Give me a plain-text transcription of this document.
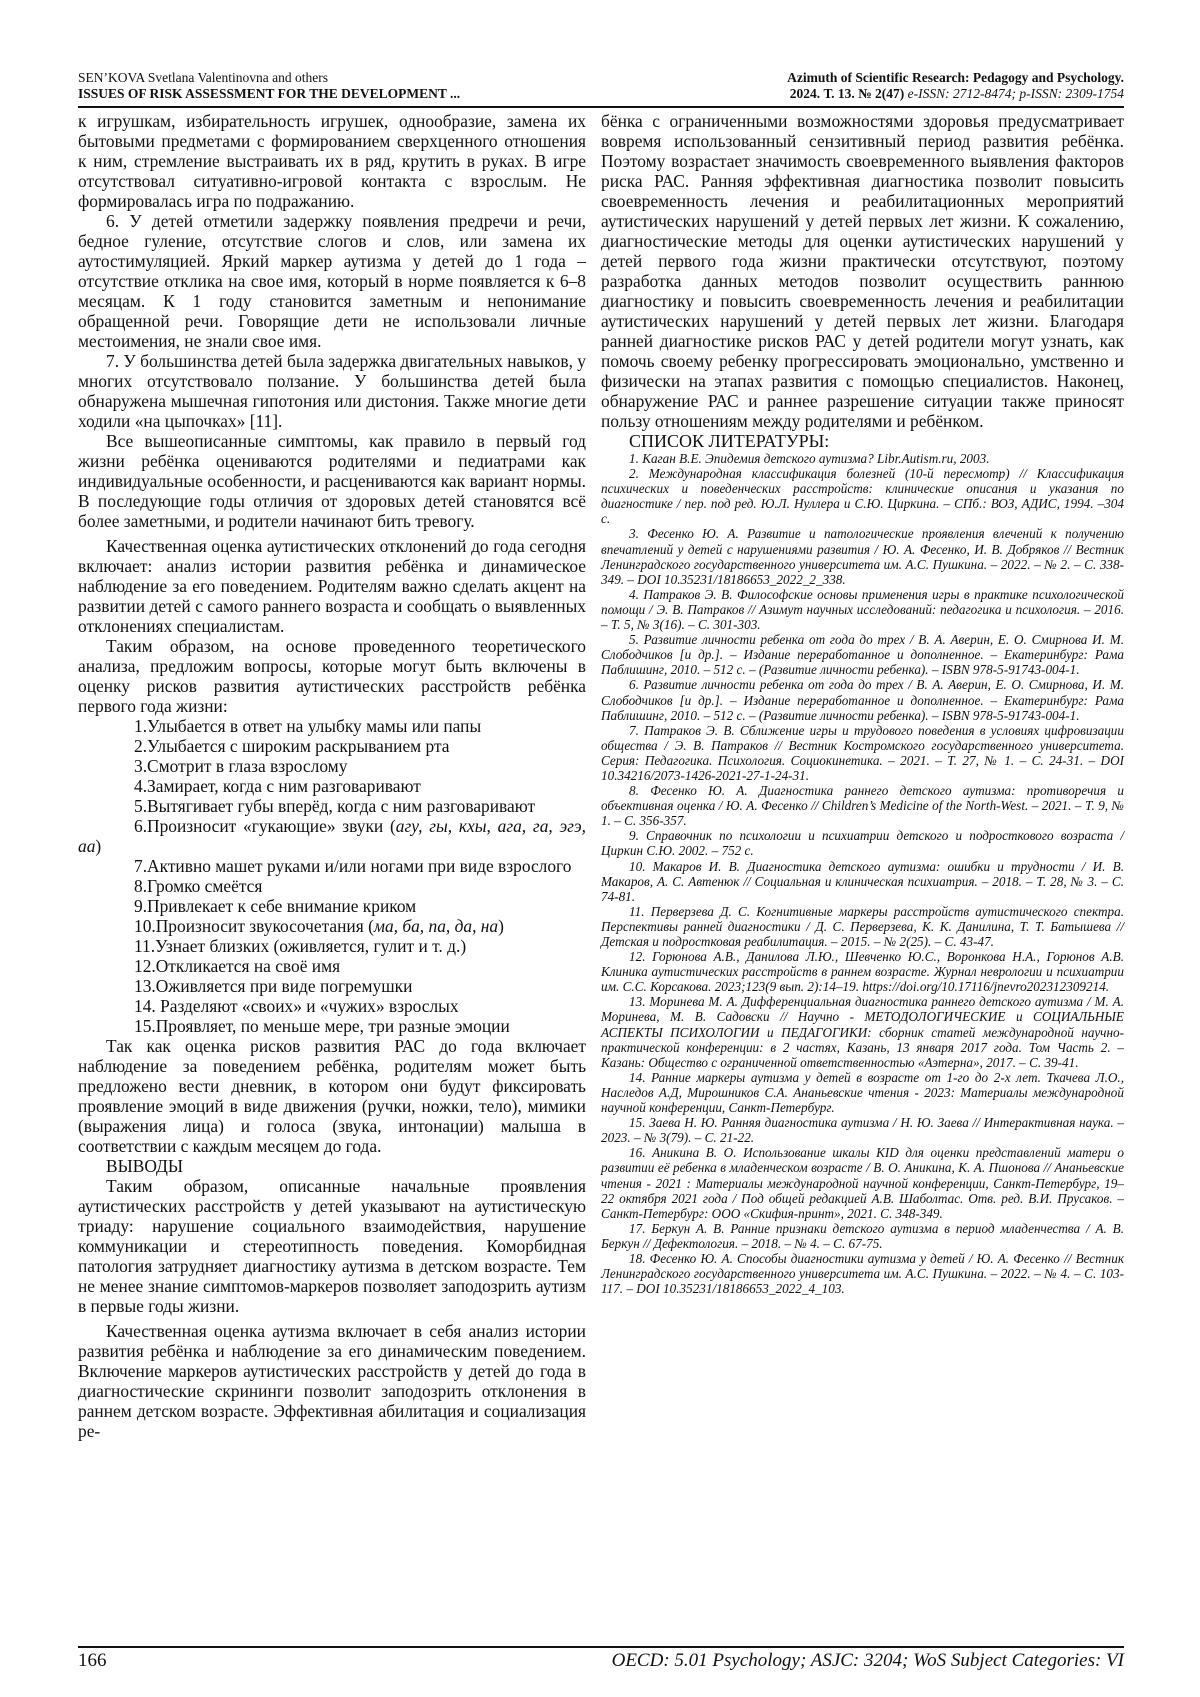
SEN’KOVA Svetlana Valentinovna and others
ISSUES OF RISK ASSESSMENT FOR THE DEVELOPMENT ...
Azimuth of Scientific Research: Pedagogy and Psychology.
2024. Т. 13. № 2(47) e-ISSN: 2712-8474; p-ISSN: 2309-1754

к игрушкам, избирательность игрушек, однообразие, замена их бытовыми предметами с формированием сверхценного отношения к ним, стремление выстраивать их в ряд, крутить в руках. В игре отсутствовал ситуативно-игровой контакта с взрослым. Не формировалась игра по подражанию.

6. У детей отметили задержку появления предречи и речи, бедное гуление, отсутствие слогов и слов, или замена их аутостимуляцией. Яркий маркер аутизма у детей до 1 года – отсутствие отклика на свое имя, который в норме появляется к 6–8 месяцам. К 1 году становится заметным и непонимание обращенной речи. Говорящие дети не использовали личные местоимения, не знали свое имя.

7. У большинства детей была задержка двигательных навыков, у многих отсутствовало ползание. У большинства детей была обнаружена мышечная гипотония или дистония. Также многие дети ходили «на цыпочках» [11].

Все вышеописанные симптомы, как правило в первый год жизни ребёнка оцениваются родителями и педиатрами как индивидуальные особенности, и расцениваются как вариант нормы. В последующие годы отличия от здоровых детей становятся всё более заметными, и родители начинают бить тревогу.

Качественная оценка аутистических отклонений до года сегодня включает: анализ истории развития ребёнка и динамическое наблюдение за его поведением. Родителям важно сделать акцент на развитии детей с самого раннего возраста и сообщать о выявленных отклонениях специалистам.

Таким образом, на основе проведенного теоретического анализа, предложим вопросы, которые могут быть включены в оценку рисков развития аутистических расстройств ребёнка первого года жизни:

1.Улыбается в ответ на улыбку мамы или папы
2.Улыбается с широким раскрыванием рта
3.Смотрит в глаза взрослому
4.Замирает, когда с ним разговаривают
5.Вытягивает губы вперёд, когда с ним разговаривают
6.Произносит «гукающие» звуки (агу, гы, кхы, ага, га, эгэ, аа)
7.Активно машет руками и/или ногами при виде взрослого
8.Громко смеётся
9.Привлекает к себе внимание криком
10.Произносит звукосочетания (ма, ба, па, да, на)
11.Узнает близких (оживляется, гулит и т. д.)
12.Откликается на своё имя
13.Оживляется при виде погремушки
14. Разделяют «своих» и «чужих» взрослых
15.Проявляет, по меньше мере, три разные эмоции

Так как оценка рисков развития РАС до года включает наблюдение за поведением ребёнка, родителям может быть предложено вести дневник, в котором они будут фиксировать проявление эмоций в виде движения (ручки, ножки, тело), мимики (выражения лица) и голоса (звука, интонации) малыша в соответствии с каждым месяцем до года.

ВЫВОДЫ

Таким образом, описанные начальные проявления аутистических расстройств у детей указывают на аутистическую триаду: нарушение социального взаимодействия, нарушение коммуникации и стереотипность поведения. Коморбидная патология затрудняет диагностику аутизма в детском возрасте. Тем не менее знание симптомов-маркеров позволяет заподозрить аутизм в первые годы жизни.

Качественная оценка аутизма включает в себя анализ истории развития ребёнка и наблюдение за его динамическим поведением. Включение маркеров аутистических расстройств у детей до года в диагностические скрининги позволит заподозрить отклонения в раннем детском возрасте. Эффективная абилитация и социализация ре-

бёнка с ограниченными возможностями здоровья предусматривает вовремя использованный сензитивный период развития ребёнка. Поэтому возрастает значимость своевременного выявления факторов риска РАС. Ранняя эффективная диагностика позволит повысить своевременность лечения и реабилитационных мероприятий аутистических нарушений у детей первых лет жизни. К сожалению, диагностические методы для оценки аутистических нарушений у детей первого года жизни практически отсутствуют, поэтому разработка данных методов позволит осуществить раннюю диагностику и повысить своевременность лечения и реабилитации аутистических нарушений у детей первых лет жизни. Благодаря ранней диагностике рисков РАС у детей родители могут узнать, как помочь своему ребенку прогрессировать эмоционально, умственно и физически на этапах развития с помощью специалистов. Наконец, обнаружение РАС и раннее разрешение ситуации также приносят пользу отношениям между родителями и ребёнком.

СПИСОК ЛИТЕРАТУРЫ:

1. Каган В.Е. Эпидемия детского аутизма? Libr.Autism.ru, 2003.
2. Международная классификация болезней (10-й пересмотр) // Классификация психических и поведенческих расстройств: клинические описания и указания по диагностике / пер. под ред. Ю.Л. Нуллера и С.Ю. Циркина. – СПб.: ВОЗ, АДИС, 1994. –304 с.
3. Фесенко Ю. А. Развитие и патологические проявления влечений к получению впечатлений у детей с нарушениями развития / Ю. А. Фесенко, И. В. Добряков // Вестник Ленинградского государственного университета им. А.С. Пушкина. – 2022. – № 2. – С. 338-349. – DOI 10.35231/18186653_2022_2_338.
4. Патраков Э. В. Философские основы применения игры в практике психологической помощи / Э. В. Патраков // Азимут научных исследований: педагогика и психология. – 2016. – Т. 5, № 3(16). – С. 301-303.
5. Развитие личности ребенка от года до трех / В. А. Аверин, Е. О. Смирнова И. М. Слободчиков [и др.]. – Издание переработанное и дополненное. – Екатеринбург: Рама Паблишинг, 2010. – 512 с. – (Развитие личности ребенка). – ISBN 978-5-91743-004-1.
6. Развитие личности ребенка от года до трех / В. А. Аверин, Е. О. Смирнова, И. М. Слободчиков [и др.]. – Издание переработанное и дополненное. – Екатеринбург: Рама Паблишинг, 2010. – 512 с. – (Развитие личности ребенка). – ISBN 978-5-91743-004-1.
7. Патраков Э. В. Сближение игры и трудового поведения в условиях цифровизации общества / Э. В. Патраков // Вестник Костромского государственного университета. Серия: Педагогика. Психология. Социокинетика. – 2021. – Т. 27, № 1. – С. 24-31. – DOI 10.34216/2073-1426-2021-27-1-24-31.
8. Фесенко Ю. А. Диагностика раннего детского аутизма: противоречия и объективная оценка / Ю. А. Фесенко // Children’s Medicine of the North-West. – 2021. – Т. 9, № 1. – С. 356-357.
9. Справочник по психологии и психиатрии детского и подросткового возраста / Циркин С.Ю. 2002. – 752 с.
10. Макаров И. В. Диагностика детского аутизма: ошибки и трудности / И. В. Макаров, А. С. Автенюк // Социальная и клиническая психиатрия. – 2018. – Т. 28, № 3. – С. 74-81.
11. Перверзева Д. С. Когнитивные маркеры расстройств аутистического спектра. Перспективы ранней диагностики / Д. С. Перверзева, К. К. Данилина, Т. Т. Батышева // Детская и подростковая реабилитация. – 2015. – № 2(25). – С. 43-47.
12. Горюнова А.В., Данилова Л.Ю., Шевченко Ю.С., Воронкова Н.А., Горюнов А.В. Клиника аутистических расстройств в раннем возрасте. Журнал неврологии и психиатрии им. С.С. Корсакова. 2023;123(9 вып. 2):14–19. https://doi.org/10.17116/jnevro202312309214.
13. Моринева М. А. Дифференциальная диагностика раннего детского аутизма / М. А. Моринева, М. В. Садовски // Научно - МЕТОДОЛОГИЧЕСКИЕ и СОЦИАЛЬНЫЕ АСПЕКТЫ ПСИХОЛОГИИ и ПЕДАГОГИКИ: сборник статей международной научно-практической конференции: в 2 частях, Казань, 13 января 2017 года. Том Часть 2. – Казань: Общество с ограниченной ответственностью «Аэтерна», 2017. – С. 39-41.
14. Ранние маркеры аутизма у детей в возрасте от 1-го до 2-х лет. Ткачева Л.О., Наследов А.Д, Мирошников С.А. Ананьевские чтения - 2023: Материалы международной научной конференции, Санкт-Петербург.
15. Заева Н. Ю. Ранняя диагностика аутизма / Н. Ю. Заева // Интерактивная наука. – 2023. – № 3(79). – С. 21-22.
16. Аникина В. О. Использование шкалы KID для оценки представлений матери о развитии её ребенка в младенческом возрасте / В. О. Аникина, К. А. Пшонова // Ананьевские чтения - 2021 : Материалы международной научной конференции, Санкт-Петербург, 19–22 октября 2021 года / Под общей редакцией А.В. Шаболтас. Отв. ред. В.И. Прусаков. – Санкт-Петербург: ООО «Скифия-принт», 2021. С. 348-349.
17. Беркун А. В. Ранние признаки детского аутизма в период младенчества / А. В. Беркун // Дефектология. – 2018. – № 4. – С. 67-75.
18. Фесенко Ю. А. Способы диагностики аутизма у детей / Ю. А. Фесенко // Вестник Ленинградского государственного университета им. А.С. Пушкина. – 2022. – № 4. – С. 103-117. – DOI 10.35231/18186653_2022_4_103.
166	OECD: 5.01 Psychology; ASJC: 3204; WoS Subject Categories: VI
